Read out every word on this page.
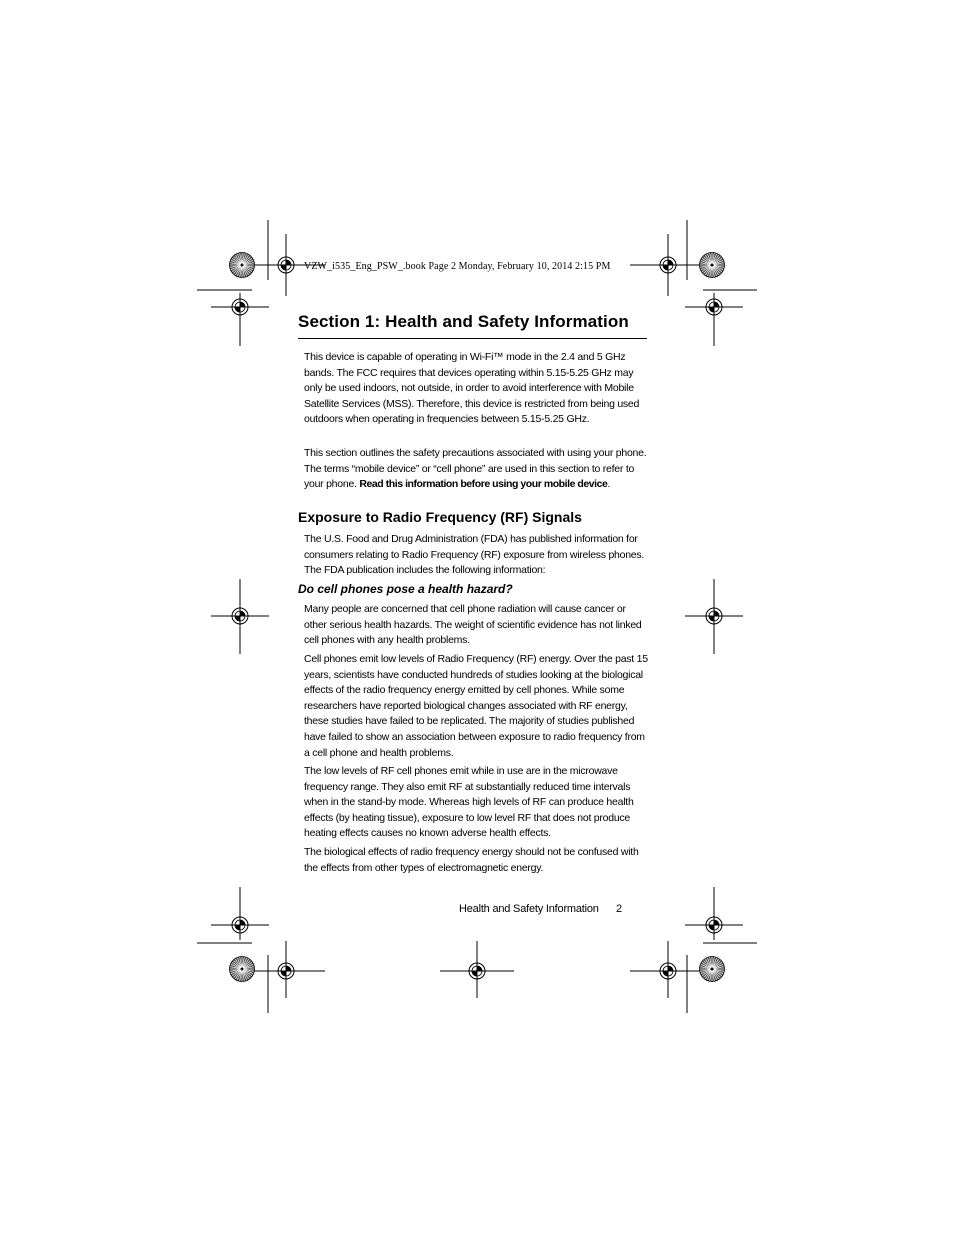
VZW_i535_Eng_PSW_.book Page 2 Monday, February 10, 2014 2:15 PM
Section 1: Health and Safety Information

This device is capable of operating in Wi-Fi™ mode in the 2.4 and 5 GHz bands. The FCC requires that devices operating within 5.15-5.25 GHz may only be used indoors, not outside, in order to avoid interference with Mobile Satellite Services (MSS). Therefore, this device is restricted from being used outdoors when operating in frequencies between 5.15-5.25 GHz.

This section outlines the safety precautions associated with using your phone. The terms “mobile device” or “cell phone” are used in this section to refer to your phone. Read this information before using your mobile device.

Exposure to Radio Frequency (RF) Signals

The U.S. Food and Drug Administration (FDA) has published information for consumers relating to Radio Frequency (RF) exposure from wireless phones. The FDA publication includes the following information:

Do cell phones pose a health hazard?

Many people are concerned that cell phone radiation will cause cancer or other serious health hazards. The weight of scientific evidence has not linked cell phones with any health problems.

Cell phones emit low levels of Radio Frequency (RF) energy. Over the past 15 years, scientists have conducted hundreds of studies looking at the biological effects of the radio frequency energy emitted by cell phones. While some researchers have reported biological changes associated with RF energy, these studies have failed to be replicated. The majority of studies published have failed to show an association between exposure to radio frequency from a cell phone and health problems.

The low levels of RF cell phones emit while in use are in the microwave frequency range. They also emit RF at substantially reduced time intervals when in the stand-by mode. Whereas high levels of RF can produce health effects (by heating tissue), exposure to low level RF that does not produce heating effects causes no known adverse health effects.

The biological effects of radio frequency energy should not be confused with the effects from other types of electromagnetic energy.

Health and Safety Information 2
